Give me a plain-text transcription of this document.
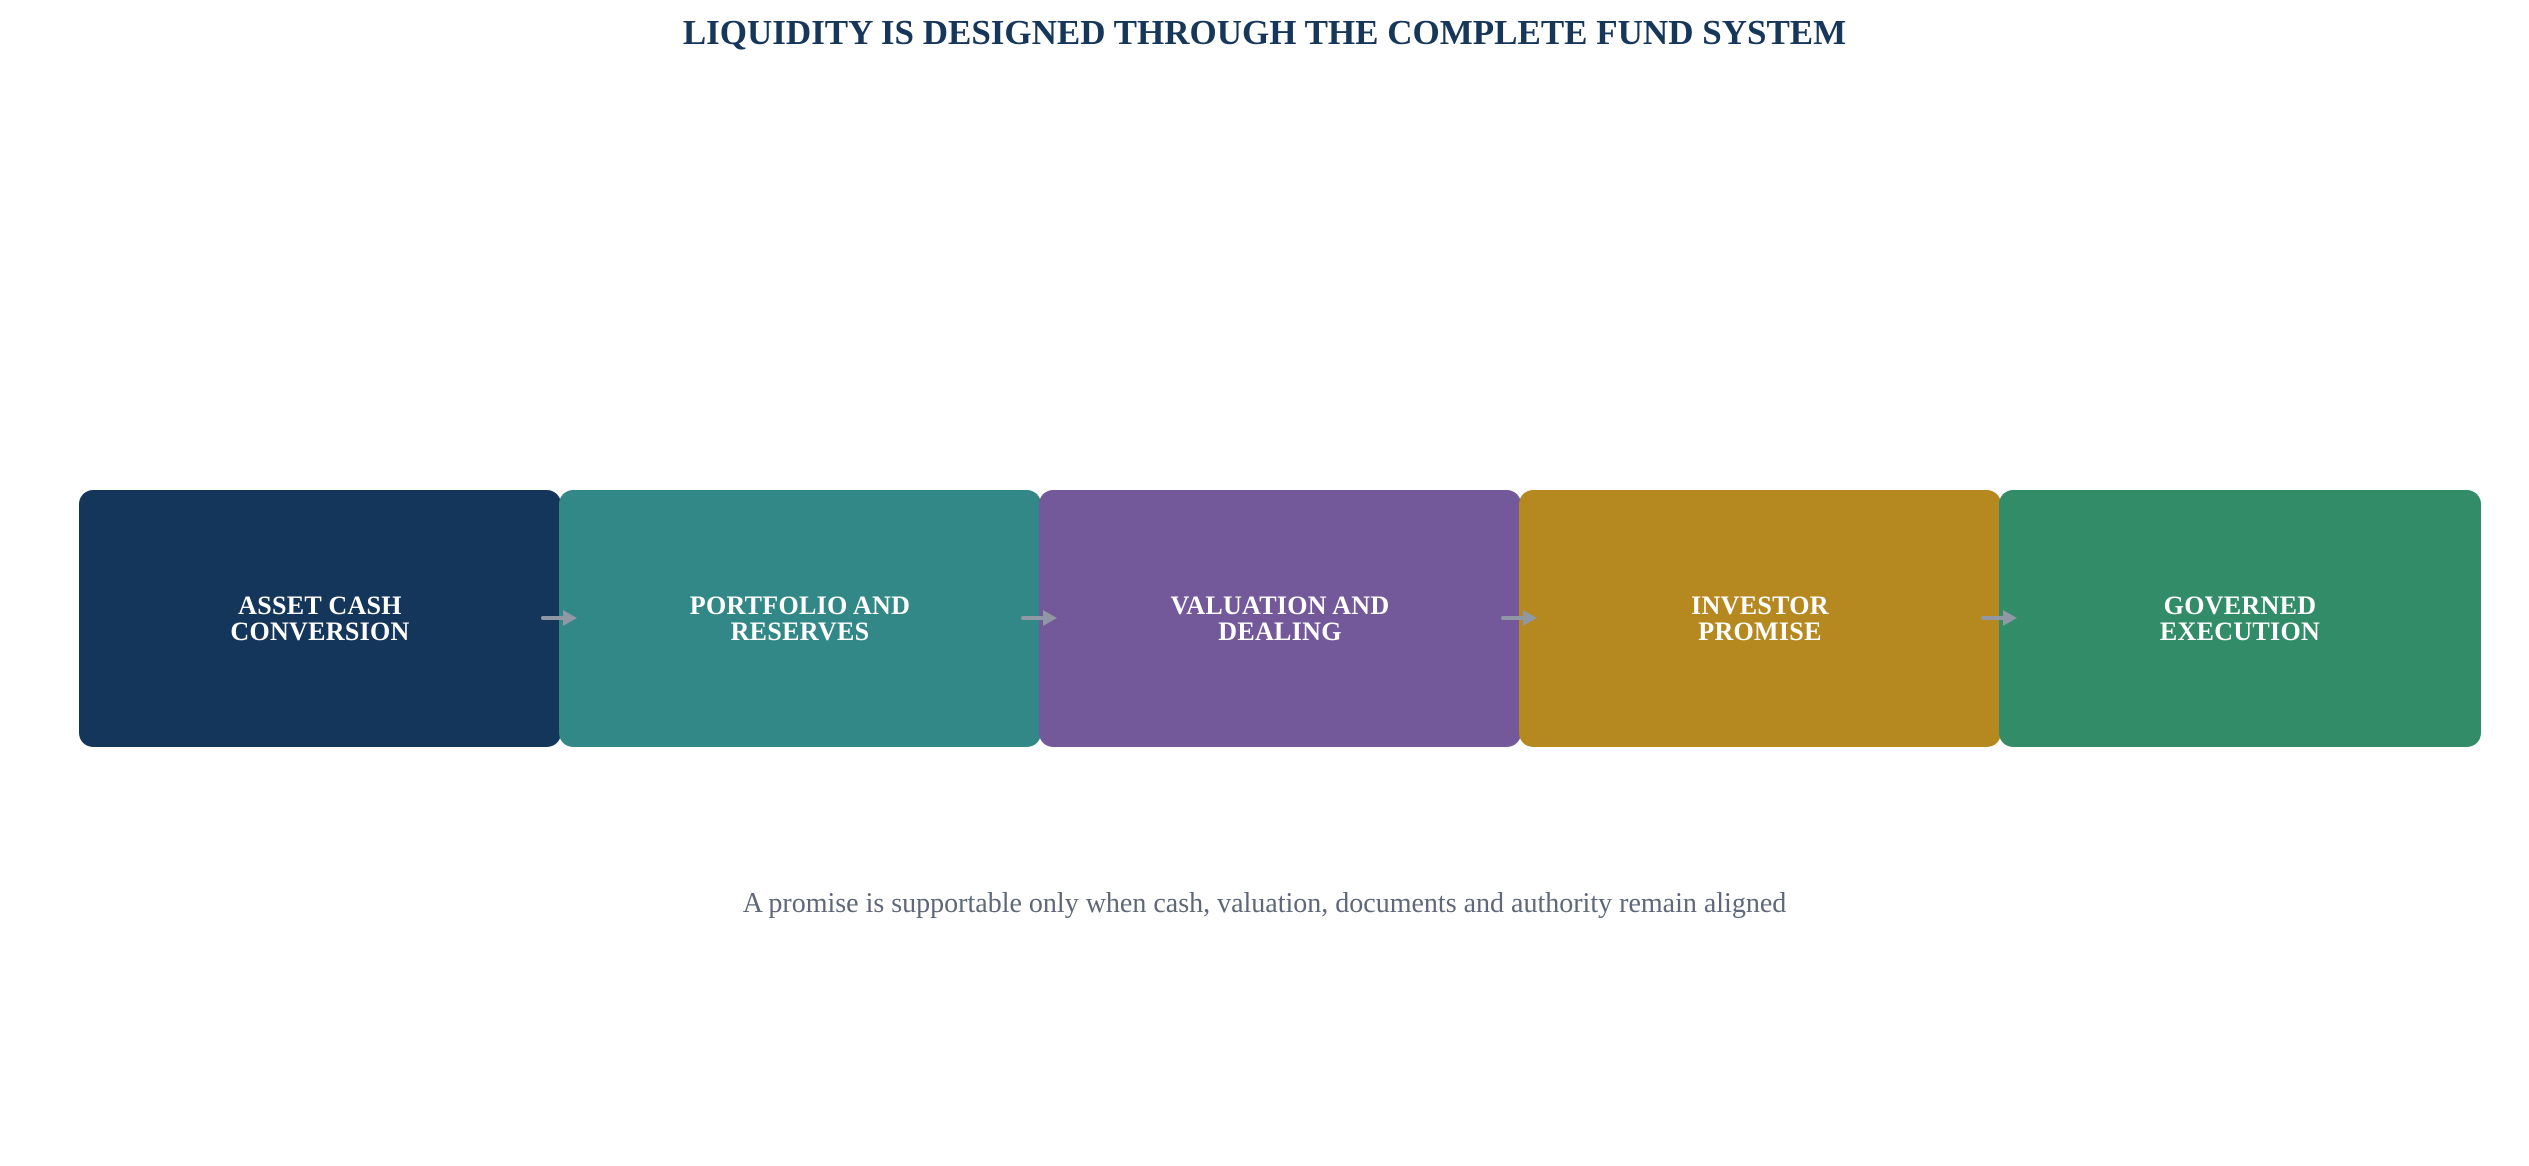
LIQUIDITY IS DESIGNED THROUGH THE COMPLETE FUND SYSTEM
ASSET CASH
CONVERSION
PORTFOLIO AND
RESERVES
VALUATION AND
DEALING
INVESTOR
PROMISE
GOVERNED
EXECUTION

A promise is supportable only when cash, valuation, documents and authority remain aligned
